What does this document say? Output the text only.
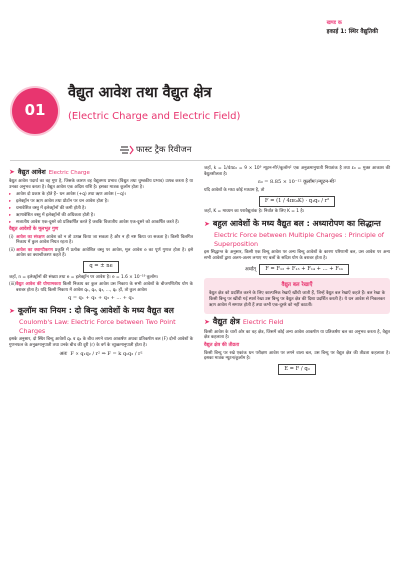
खण्ड क
इकाई 1: स्थिर वैद्युतिकी
01
वैद्युत आवेश तथा वैद्युत क्षेत्र
(Electric Charge and Electric Field)
फास्ट ट्रैक रिवीजन
➤ वैद्युत आवेश Electric Charge

वैद्युत आवेश पदार्थ का वह गुण है, जिसके कारण वह वैद्युतमय प्रभाव (विद्युत तथा चुम्बकीय प्रभाव) उत्पन्न करता है या उनका अनुभव करता है। वैद्युत आवेश एक अदिश राशि है। इसका मात्रक कूलॉम होता है।

▸ आवेश दो प्रकार के होते हैं– धन आवेश (+q) तथा ऋण आवेश (−q)।
▸ इलेक्ट्रॉन पर ऋण आवेश तथा प्रोटॉन पर धन आवेश होता है।
▸ धनावेशित वस्तु में इलेक्ट्रॉनों की कमी होती है।
▸ ऋणावेशित वस्तु में इलेक्ट्रॉनों की अधिकता होती है।
▸ सजातीय आवेश एक-दूसरे को प्रतिकर्षित करते हैं जबकि विजातीय आवेश एक-दूसरे को आकर्षित करते हैं।
वैद्युत आवेशों के मूलभूत गुण
(i) आवेश का संरक्षण आवेश को न तो उत्पन्न किया जा सकता है और न ही नष्ट किया जा सकता है। किसी विलगित निकाय में कुल आवेश नियत रहता है।
(ii) आवेश का क्वान्टीकरण प्रकृति में प्रत्येक आवेशित वस्तु पर आवेश, मूल आवेश e का पूर्ण गुणज होता है। इसे आवेश का क्वान्टीकरण कहते हैं।
q = ± ne

जहाँ, n = इलेक्ट्रॉनों की संख्या तथा e = इलेक्ट्रॉन पर आवेश है। e = 1.6 × 10⁻¹⁹ कूलॉम।

(iii) वैद्युत आवेश की योगात्मकता किसी निकाय का कुल आवेश उस निकाय के सभी आवेशों के बीजगणितीय योग के बराबर होता है। यदि किसी निकाय में आवेश q₁, q₂, q₃, ..., qₙ हों, तो कुल आवेश
q = q₁ + q₂ + q₃ + ... + qₙ
➤ कूलॉम का नियम : दो बिन्दु आवेशों के मध्य वैद्युत बल
Coulomb's Law: Electric Force between Two Point Charges

इसके अनुसार, दो स्थिर बिन्दु आवेशों q₁ व q₂ के बीच लगने वाला आकर्षण अथवा प्रतिकर्षण बल (F) दोनों आवेशों के गुणनफल के अनुक्रमानुपाती तथा उनके बीच की दूरी (r) के वर्ग के व्युत्क्रमानुपाती होता है।

अतः F ∝ q₁q₂ / r² ⇒ F = k q₁q₂ / r²

जहाँ, k = 1/4πε₀ = 9 × 10⁹ न्यूटन-मी²/कूलॉम² एक अनुक्रमानुपाती नियतांक है तथा ε₀ = मुक्त आकाश की वैद्युतशीलता है।

ε₀ = 8.85 × 10⁻¹² कूलॉम²/न्यूटन-मी²

यदि आवेशों के मध्य कोई माध्यम है, तो

F = (1 / 4πε₀K) · q₁q₂ / r²

जहाँ, K = माध्यम का परावैद्युतांक है। निर्वात के लिए K = 1 है।

➤ बहुल आवेशों के मध्य वैद्युत बल : अध्यारोपण का सिद्धान्त
Electric Force between Multiple Charges : Principle of Superposition

इस सिद्धान्त के अनुसार, किसी एक बिन्दु आवेश पर अन्य बिन्दु आवेशों के कारण परिणामी बल, उस आवेश पर अन्य सभी आवेशों द्वारा अलग-अलग लगाए गए बलों के सदिश योग के बराबर होता है।

अर्थात् F = F₁₂ + F₁₃ + F₁₄ + ... + F₁ₙ
वैद्युत बल रेखाएँ

वैद्युत क्षेत्र को प्रदर्शित करने के लिए काल्पनिक रेखाएँ खींची जाती हैं, जिन्हें वैद्युत बल रेखाएँ कहते हैं। बल रेखा के किसी बिन्दु पर खींची गई स्पर्श रेखा उस बिन्दु पर वैद्युत क्षेत्र की दिशा प्रदर्शित करती है। ये धन आवेश से निकलकर ऋण आवेश में समाप्त होती हैं तथा कभी एक-दूसरे को नहीं काटतीं।

➤ वैद्युत क्षेत्र Electric Field

किसी आवेश के चारों ओर का वह क्षेत्र, जिसमें कोई अन्य आवेश आकर्षण या प्रतिकर्षण बल का अनुभव करता है, वैद्युत क्षेत्र कहलाता है।

वैद्युत क्षेत्र की तीव्रता

किसी बिन्दु पर रखे एकांक धन परीक्षण आवेश पर लगने वाला बल, उस बिन्दु पर वैद्युत क्षेत्र की तीव्रता कहलाता है। इसका मात्रक न्यूटन/कूलॉम है।

E = F / q₀
